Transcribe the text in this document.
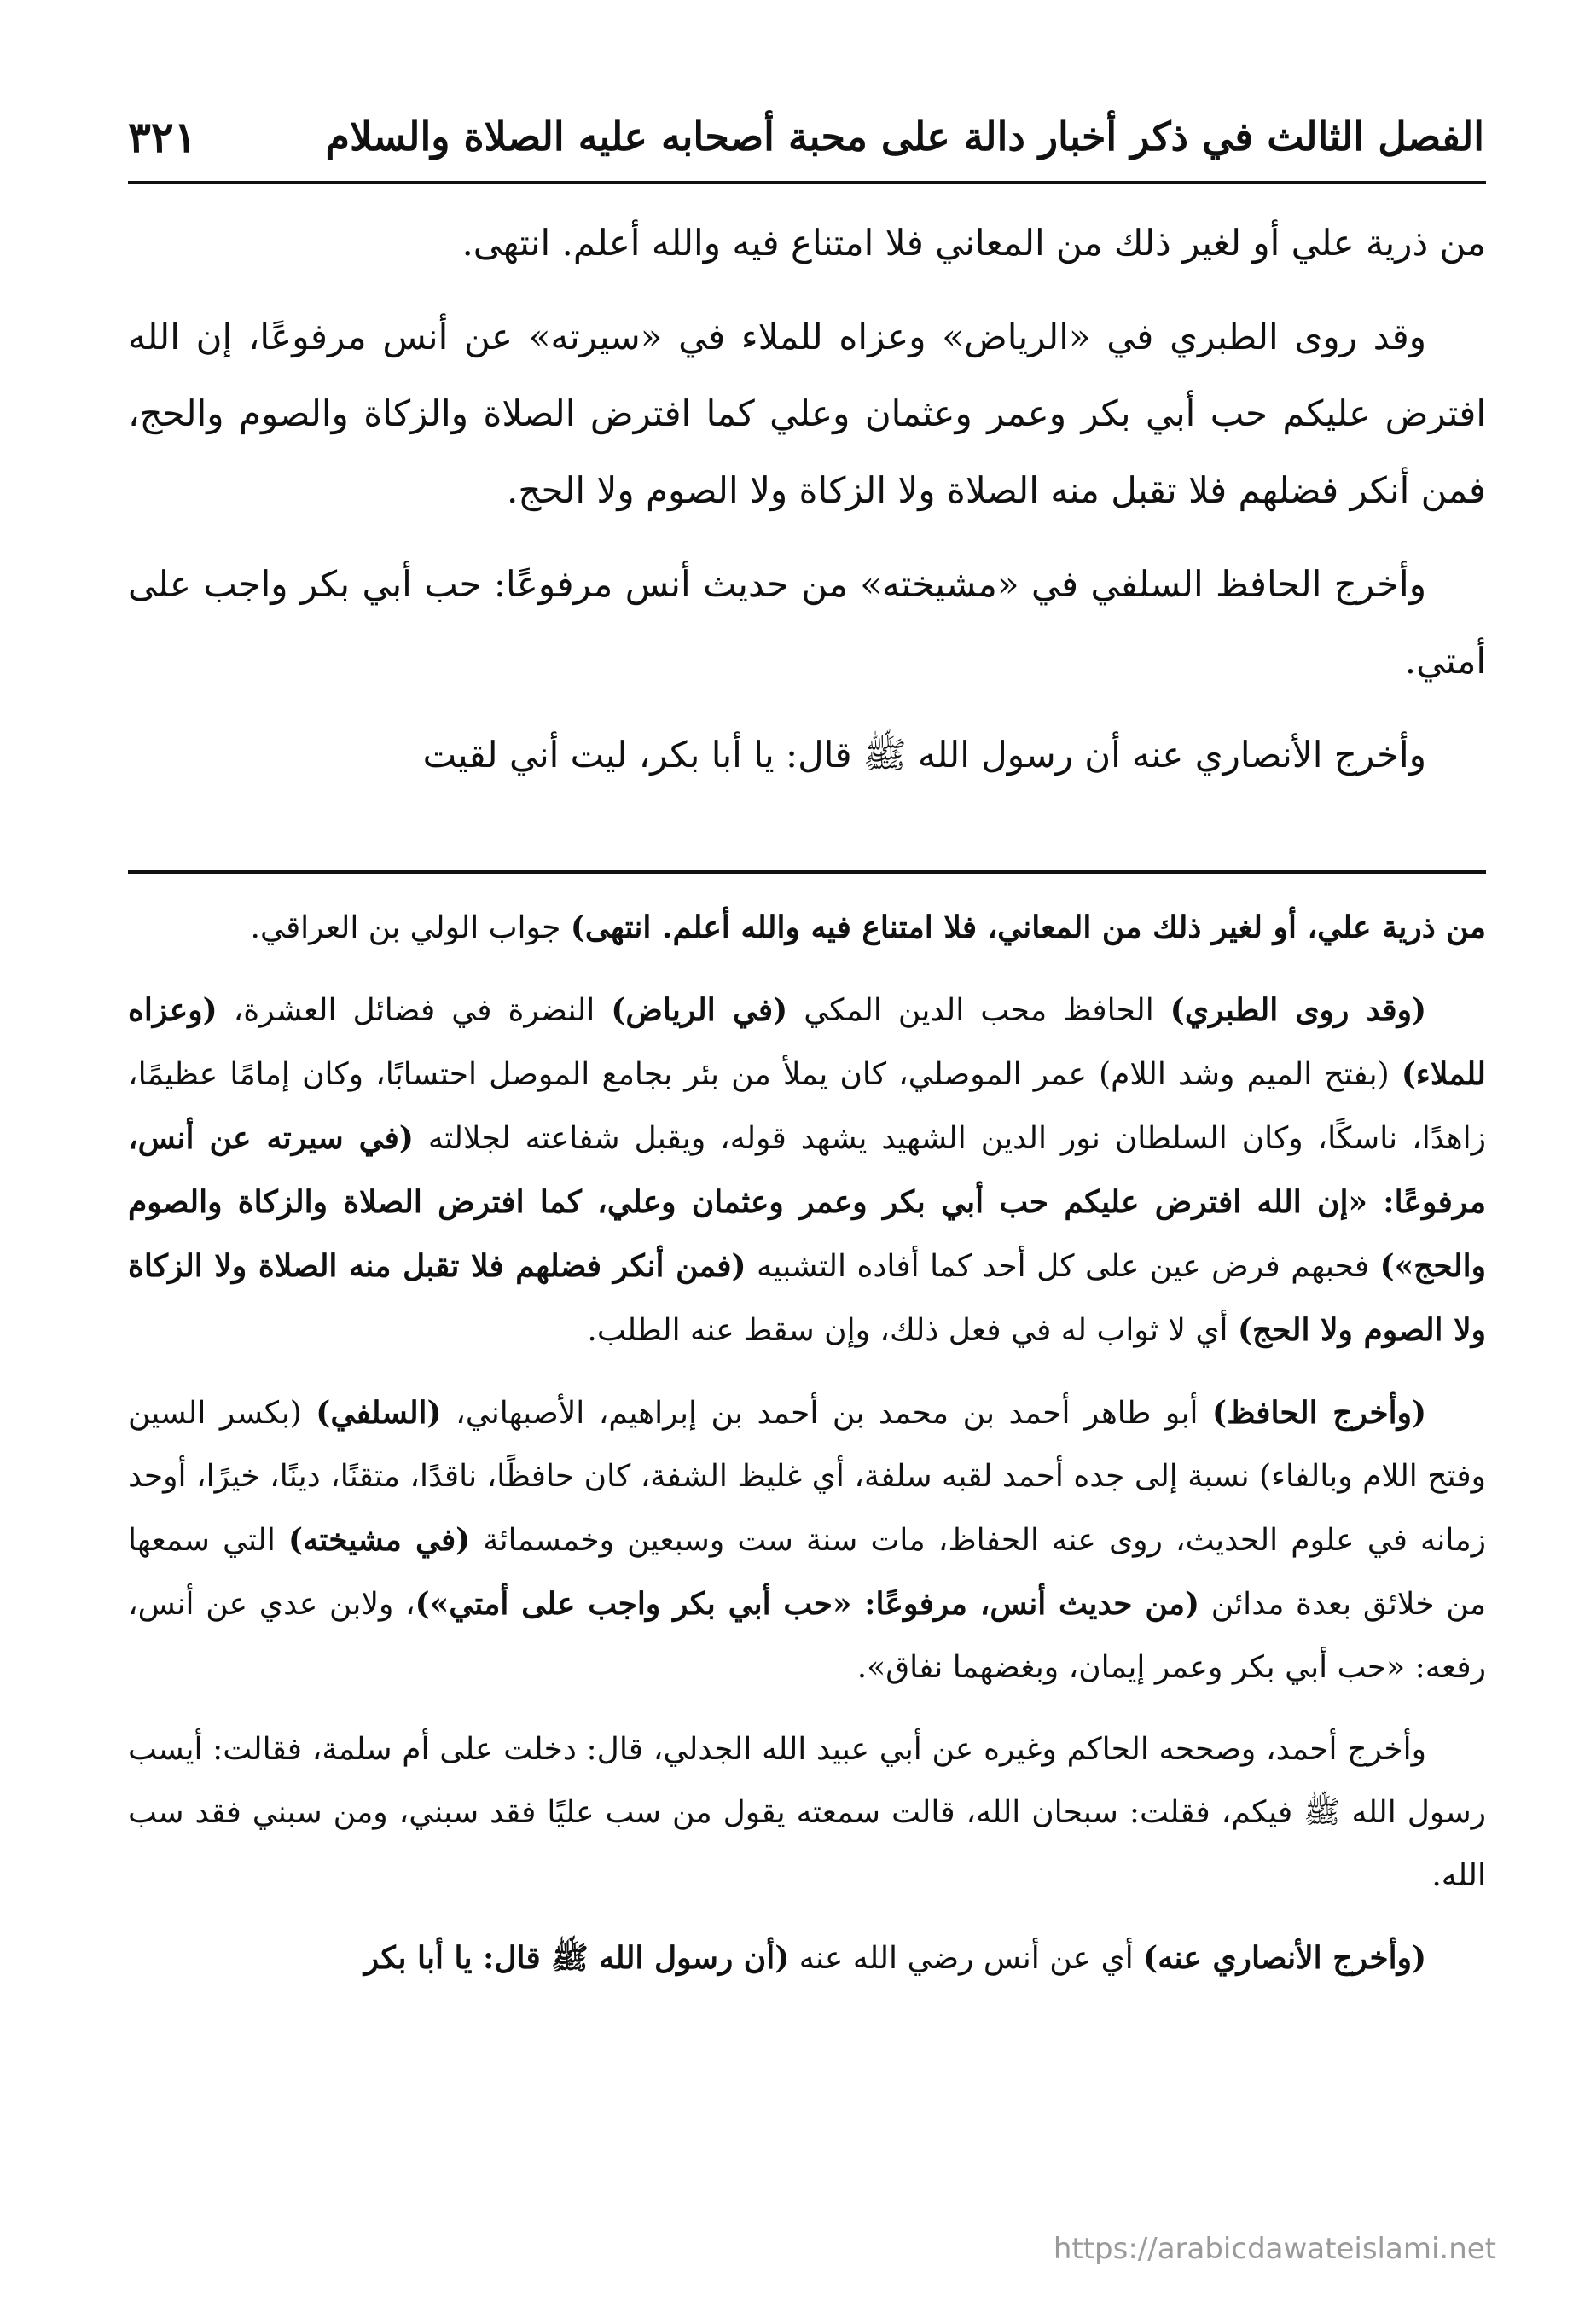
الفصل الثالث في ذكر أخبار دالة على محبة أصحابه عليه الصلاة والسلام
٣٢١

من ذرية علي أو لغير ذلك من المعاني فلا امتناع فيه والله أعلم. انتهى.

وقد روى الطبري في «الرياض» وعزاه للملاء في «سيرته» عن أنس مرفوعًا، إن الله افترض عليكم حب أبي بكر وعمر وعثمان وعلي كما افترض الصلاة والزكاة والصوم والحج، فمن أنكر فضلهم فلا تقبل منه الصلاة ولا الزكاة ولا الصوم ولا الحج.

وأخرج الحافظ السلفي في «مشيخته» من حديث أنس مرفوعًا: حب أبي بكر واجب على أمتي.

وأخرج الأنصاري عنه أن رسول الله ﷺ قال: يا أبا بكر، ليت أني لقيت

من ذرية علي، أو لغير ذلك من المعاني، فلا امتناع فيه والله أعلم. انتهى) جواب الولي بن العراقي.

(وقد روى الطبري) الحافظ محب الدين المكي (في الرياض) النضرة في فضائل العشرة، (وعزاه للملاء) (بفتح الميم وشد اللام) عمر الموصلي، كان يملأ من بئر بجامع الموصل احتسابًا، وكان إمامًا عظيمًا، زاهدًا، ناسكًا، وكان السلطان نور الدين الشهيد يشهد قوله، ويقبل شفاعته لجلالته (في سيرته عن أنس، مرفوعًا: «إن الله افترض عليكم حب أبي بكر وعمر وعثمان وعلي، كما افترض الصلاة والزكاة والصوم والحج») فحبهم فرض عين على كل أحد كما أفاده التشبيه (فمن أنكر فضلهم فلا تقبل منه الصلاة ولا الزكاة ولا الصوم ولا الحج) أي لا ثواب له في فعل ذلك، وإن سقط عنه الطلب.

(وأخرج الحافظ) أبو طاهر أحمد بن محمد بن أحمد بن إبراهيم، الأصبهاني، (السلفي) (بكسر السين وفتح اللام وبالفاء) نسبة إلى جده أحمد لقبه سلفة، أي غليظ الشفة، كان حافظًا، ناقدًا، متقنًا، دينًا، خيرًا، أوحد زمانه في علوم الحديث، روى عنه الحفاظ، مات سنة ست وسبعين وخمسمائة (في مشيخته) التي سمعها من خلائق بعدة مدائن (من حديث أنس، مرفوعًا: «حب أبي بكر واجب على أمتي»)، ولابن عدي عن أنس، رفعه: «حب أبي بكر وعمر إيمان، وبغضهما نفاق».

وأخرج أحمد، وصححه الحاكم وغيره عن أبي عبيد الله الجدلي، قال: دخلت على أم سلمة، فقالت: أيسب رسول الله ﷺ فيكم، فقلت: سبحان الله، قالت سمعته يقول من سب عليًا فقد سبني، ومن سبني فقد سب الله.

(وأخرج الأنصاري عنه) أي عن أنس رضي الله عنه (أن رسول الله ﷺ قال: يا أبا بكر

https://arabicdawateislami.net
